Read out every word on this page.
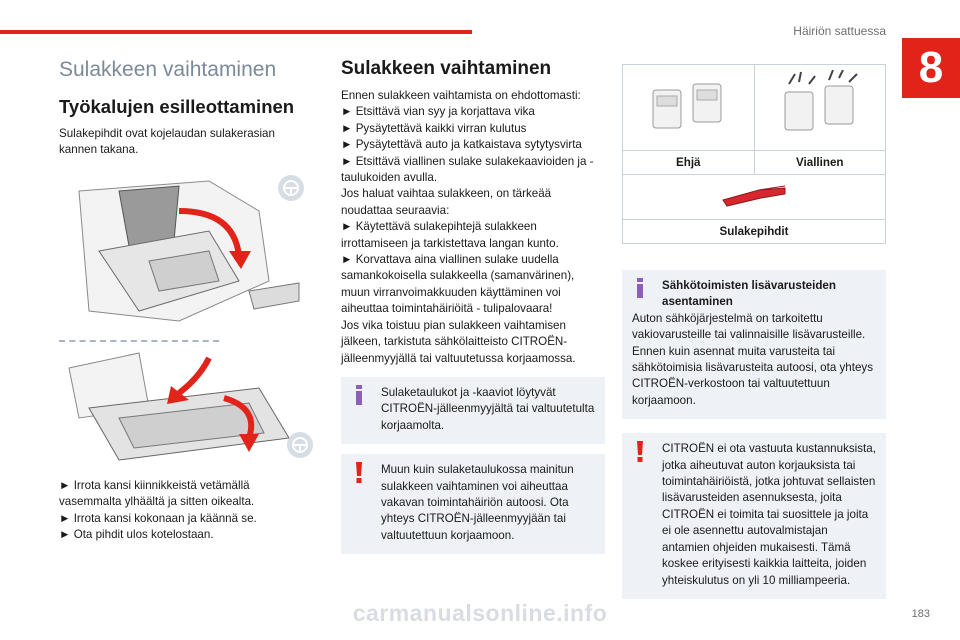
Häiriön sattuessa
8
Sulakkeen vaihtaminen
Työkalujen esilleottaminen

Sulakepihdit ovat kojelaudan sulakerasian kannen takana.

► Irrota kansi kiinnikkeistä vetämällä vasemmalta ylhäältä ja sitten oikealta.

► Irrota kansi kokonaan ja käännä se.

► Ota pihdit ulos kotelostaan.

Sulakkeen vaihtaminen

Ennen sulakkeen vaihtamista on ehdottomasti:

► Etsittävä vian syy ja korjattava vika

► Pysäytettävä kaikki virran kulutus

► Pysäytettävä auto ja katkaistava sytytysvirta

► Etsittävä viallinen sulake sulakekaavioiden ja -taulukoiden avulla.

Jos haluat vaihtaa sulakkeen, on tärkeää noudattaa seuraavia:

► Käytettävä sulakepihtejä sulakkeen irrottamiseen ja tarkistettava langan kunto.

► Korvattava aina viallinen sulake uudella samankokoisella sulakkeella (samanvärinen), muun virranvoimakkuuden käyttäminen voi aiheuttaa toimintahäiriöitä - tulipalovaara!

Jos vika toistuu pian sulakkeen vaihtamisen jälkeen, tarkistuta sähkölaitteisto CITROËN-jälleenmyyjällä tai valtuutetussa korjaamossa.

Sulaketaulukot ja -kaaviot löytyvät CITROËN-jälleenmyyjältä tai valtuutetulta korjaamolta.

Muun kuin sulaketaulukossa mainitun sulakkeen vaihtaminen voi aiheuttaa vakavan toimintahäiriön autoosi. Ota yhteys CITROËN-jälleenmyyjään tai valtuutettuun korjaamoon.

Ehjä	Viallinen

Sulakepihdit	

Sähkötoimisten lisävarusteiden asentaminen

Auton sähköjärjestelmä on tarkoitettu vakiovarusteille tai valinnaisille lisävarusteille. Ennen kuin asennat muita varusteita tai sähkötoimisia lisävarusteita autoosi, ota yhteys CITROËN-verkostoon tai valtuutettuun korjaamoon.

CITROËN ei ota vastuuta kustannuksista, jotka aiheutuvat auton korjauksista tai toimintahäiriöistä, jotka johtuvat sellaisten lisävarusteiden asennuksesta, joita CITROËN ei toimita tai suosittele ja joita ei ole asennettu autovalmistajan antamien ohjeiden mukaisesti. Tämä koskee erityisesti kaikkia laitteita, joiden yhteiskulutus on yli 10 milliampeeria.

carmanualsonline.info	183
